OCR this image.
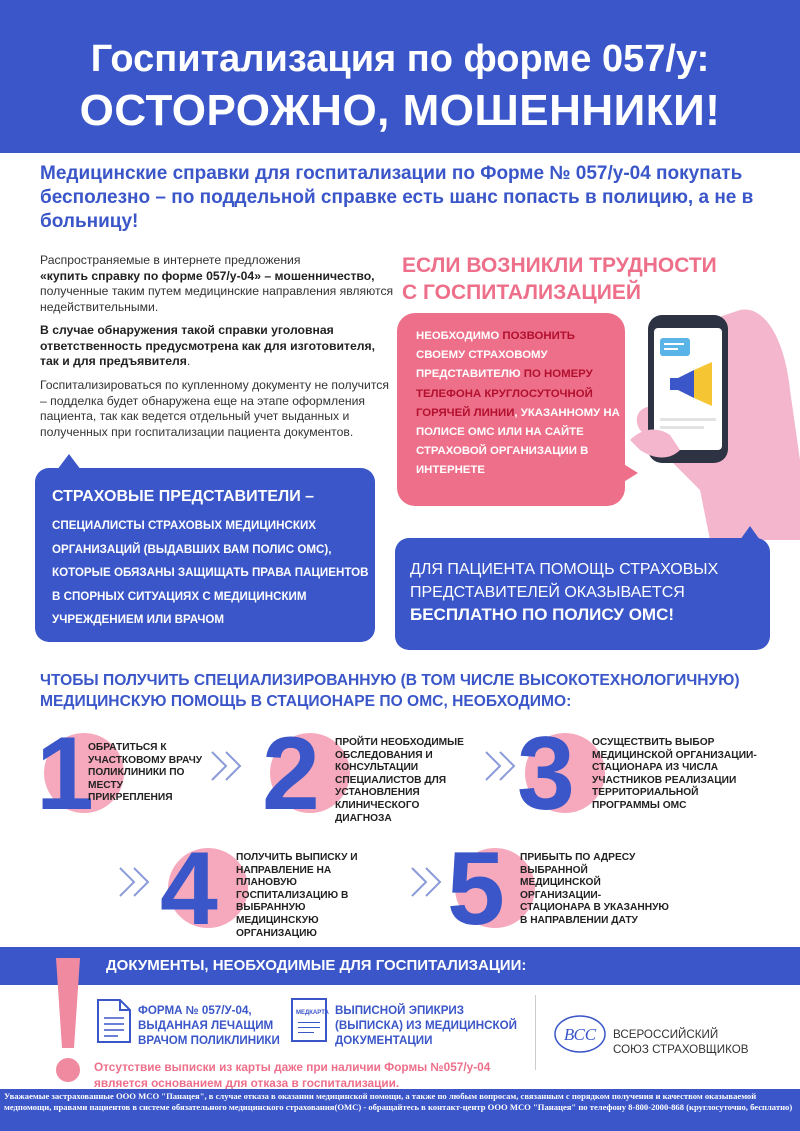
Госпитализация по форме 057/у:
ОСТОРОЖНО, МОШЕННИКИ!
Медицинские справки для госпитализации по Форме № 057/у-04 покупать бесполезно – по поддельной справке есть шанс попасть в полицию, а не в больницу!
Распространяемые в интернете предложения
«купить справку по форме 057/у-04» – мошенничество,
полученные таким путем медицинские направления являются недействительными.
В случае обнаружения такой справки уголовная ответственность предусмотрена как для изготовителя, так и для предъявителя.
Госпитализироваться по купленному документу не получится – подделка будет обнаружена еще на этапе оформления пациента, так как ведется отдельный учет выданных и полученных при госпитализации пациента документов.
ЕСЛИ ВОЗНИКЛИ ТРУДНОСТИ
С ГОСПИТАЛИЗАЦИЕЙ
НЕОБХОДИМО ПОЗВОНИТЬ СВОЕМУ СТРАХОВОМУ ПРЕДСТАВИТЕЛЮ ПО НОМЕРУ ТЕЛЕФОНА КРУГЛОСУТОЧНОЙ ГОРЯЧЕЙ ЛИНИИ, УКАЗАННОМУ НА ПОЛИСЕ ОМС ИЛИ НА САЙТЕ СТРАХОВОЙ ОРГАНИЗАЦИИ В ИНТЕРНЕТЕ
СТРАХОВЫЕ ПРЕДСТАВИТЕЛИ –
СПЕЦИАЛИСТЫ СТРАХОВЫХ МЕДИЦИНСКИХ ОРГАНИЗАЦИЙ (ВЫДАВШИХ ВАМ ПОЛИС ОМС), КОТОРЫЕ ОБЯЗАНЫ ЗАЩИЩАТЬ ПРАВА ПАЦИЕНТОВ В СПОРНЫХ СИТУАЦИЯХ С МЕДИЦИНСКИМ УЧРЕЖДЕНИЕМ ИЛИ ВРАЧОМ
ДЛЯ ПАЦИЕНТА ПОМОЩЬ СТРАХОВЫХ ПРЕДСТАВИТЕЛЕЙ ОКАЗЫВАЕТСЯ
БЕСПЛАТНО ПО ПОЛИСУ ОМС!
ЧТОБЫ ПОЛУЧИТЬ СПЕЦИАЛИЗИРОВАННУЮ (В ТОМ ЧИСЛЕ ВЫСОКОТЕХНОЛОГИЧНУЮ) МЕДИЦИНСКУЮ ПОМОЩЬ В СТАЦИОНАРЕ ПО ОМС, НЕОБХОДИМО:
1
ОБРАТИТЬСЯ К УЧАСТКОВОМУ ВРАЧУ ПОЛИКЛИНИКИ ПО МЕСТУ ПРИКРЕПЛЕНИЯ 2 ПРОЙТИ НЕОБХОДИМЫЕ ОБСЛЕДОВАНИЯ И КОНСУЛЬТАЦИИ СПЕЦИАЛИСТОВ ДЛЯ УСТАНОВЛЕНИЯ КЛИНИЧЕСКОГО ДИАГНОЗА	3 ОСУЩЕСТВИТЬ ВЫБОР МЕДИЦИНСКОЙ ОРГАНИЗАЦИИ-СТАЦИОНАРА ИЗ ЧИСЛА УЧАСТНИКОВ РЕАЛИЗАЦИИ ТЕРРИТОРИАЛЬНОЙ ПРОГРАММЫ ОМС
4 ПОЛУЧИТЬ ВЫПИСКУ И НАПРАВЛЕНИЕ НА ПЛАНОВУЮ ГОСПИТАЛИЗАЦИЮ В ВЫБРАННУЮ МЕДИЦИНСКУЮ ОРГАНИЗАЦИЮ	5 ПРИБЫТЬ ПО АДРЕСУ ВЫБРАННОЙ МЕДИЦИНСКОЙ ОРГАНИЗАЦИИ-СТАЦИОНАРА В УКАЗАННУЮ В НАПРАВЛЕНИИ ДАТУ
ДОКУМЕНТЫ, НЕОБХОДИМЫЕ ДЛЯ ГОСПИТАЛИЗАЦИИ:
ФОРМА № 057/У-04, ВЫДАННАЯ ЛЕЧАЩИМ ВРАЧОМ ПОЛИКЛИНИКИ
МЕДКАРТА ВЫПИСНОЙ ЭПИКРИЗ (ВЫПИСКА) ИЗ МЕДИЦИНСКОЙ ДОКУМЕНТАЦИИ
Отсутствие выписки из карты даже при наличии Формы №057/у-04 является основанием для отказа в госпитализации.
ВСС ВСЕРОССИЙСКИЙ
СОЮЗ СТРАХОВЩИКОВ
Уважаемые застрахованные ООО МСО "Панацея", в случае отказа в оказании медицинской помощи, а также по любым вопросам, связанным с порядком получения и качеством оказываемой медпомощи, правами пациентов в системе обязательного медицинского страхования(ОМС) - обращайтесь в контакт-центр ООО МСО "Панацея" по телефону 8-800-2000-868 (круглосуточно, бесплатно)
